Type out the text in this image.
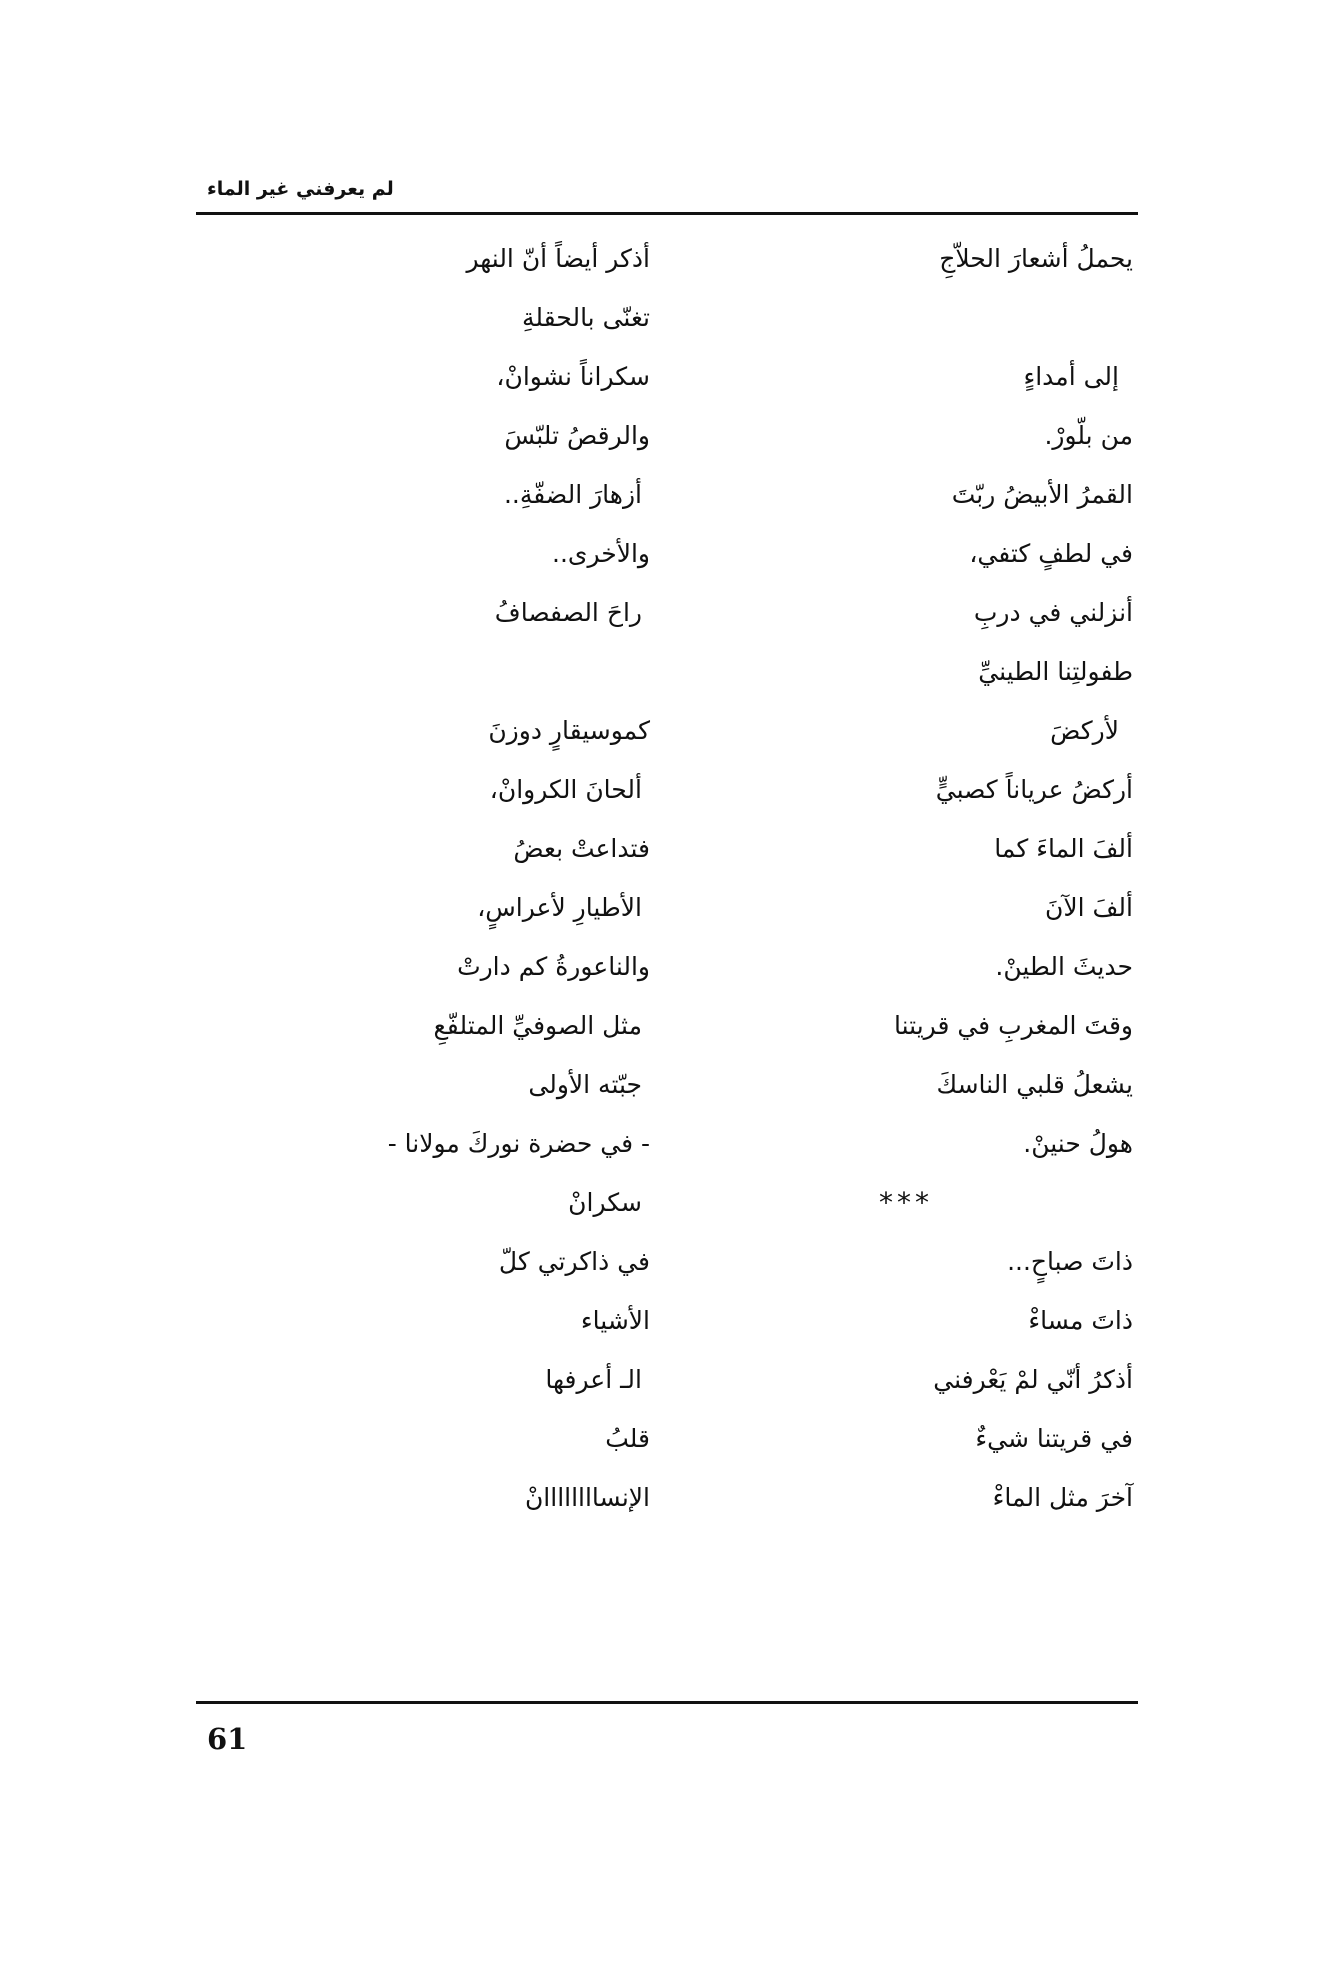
لم يعرفني غير الماء
يحملُ أشعارَ الحلاّجِ
إلى أمداءٍ
من بلّورْ.
القمرُ الأبيضُ ربّتَ
في لطفٍ كتفي،
أنزلني في دربِ
طفولتِنا الطينيِّ
لأركضَ
أركضُ عرياناً كصبيٍّ
ألفَ الماءَ كما
ألفَ الآنَ
حديثَ الطينْ.
وقتَ المغربِ في قريتنا
يشعلُ قلبي الناسكَ
هولُ حنينْ.
***
ذاتَ صباحٍ...
ذاتَ مساءْ
أذكرُ أنّي لمْ يَعْرفني
في قريتنا شيءٌ
آخرَ مثل الماءْ
أذكر أيضاً أنّ النهر
تغنّى بالحقلةِ
سكراناً نشوانْ،
والرقصُ تلبّسَ
أزهارَ الضفّةِ..
والأخرى..
راحَ الصفصافُ
كموسيقارٍ دوزنَ
ألحانَ الكروانْ،
فتداعتْ بعضُ
الأطيارِ لأعراسٍ،
والناعورةُ كم دارتْ
مثل الصوفيِّ المتلفّعِ
جبّته الأولى
- في حضرة نوركَ مولانا -
سكرانْ
في ذاكرتي كلّ
الأشياء
الـ أعرفها
قلبُ
الإنساااااااانْ
61
